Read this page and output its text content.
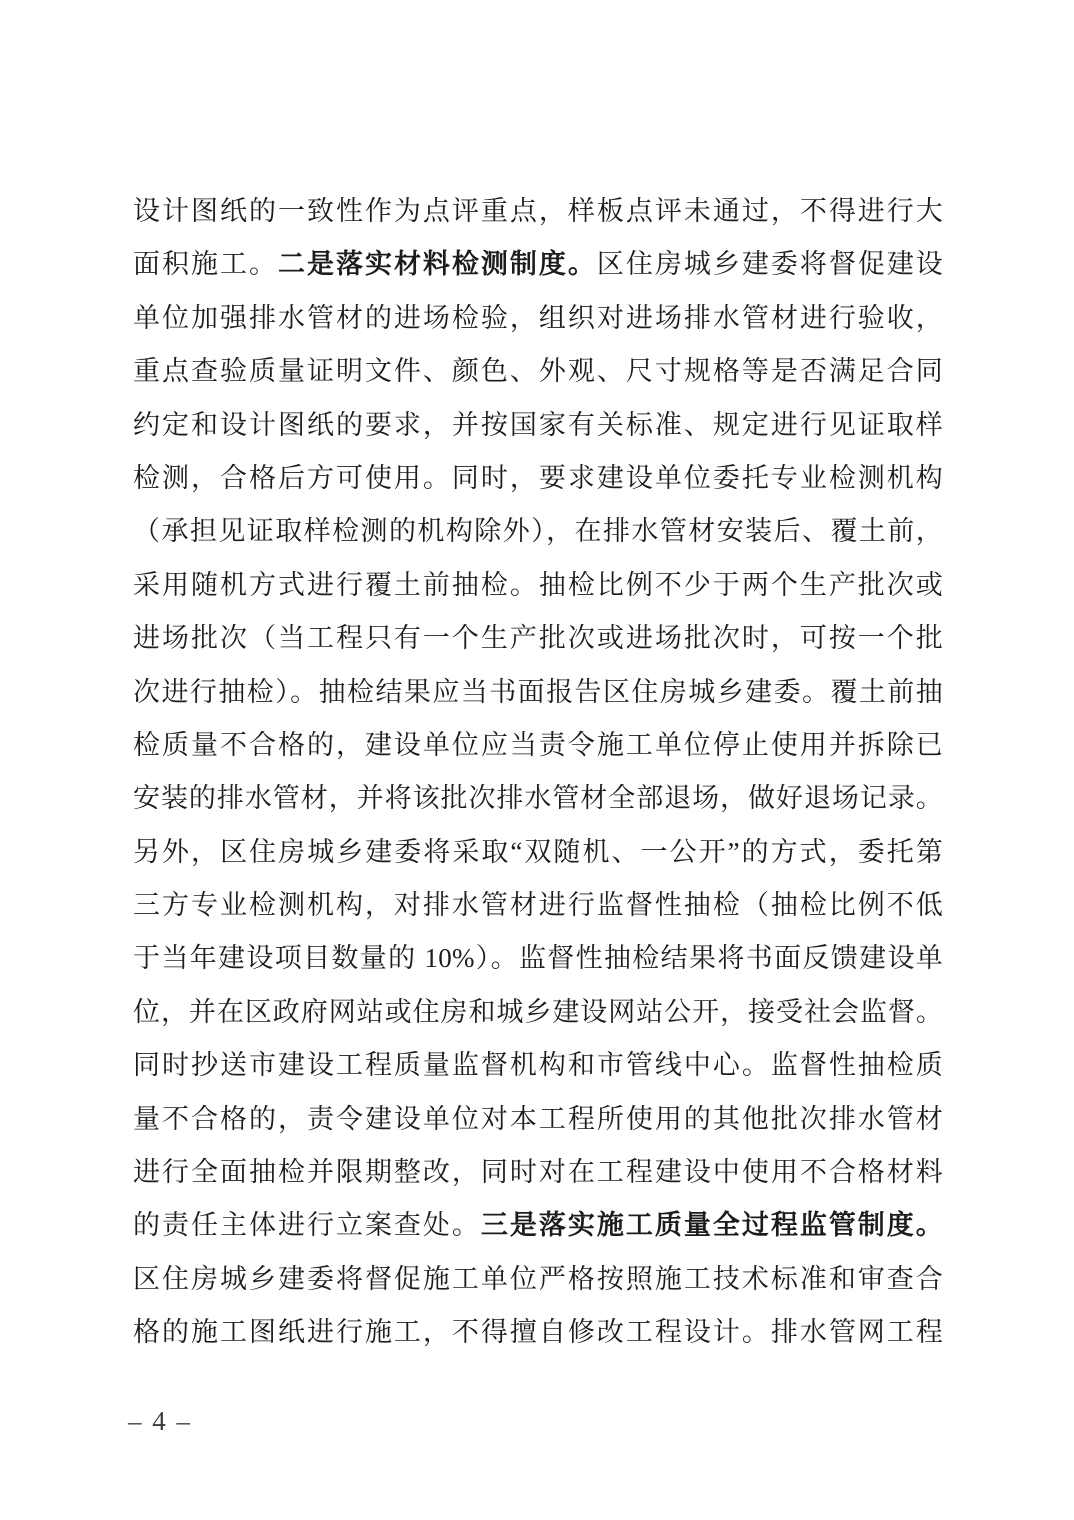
设计图纸的一致性作为点评重点，样板点评未通过，不得进行大
面积施工。二是落实材料检测制度。区住房城乡建委将督促建设
单位加强排水管材的进场检验，组织对进场排水管材进行验收，
重点查验质量证明文件、颜色、外观、尺寸规格等是否满足合同
约定和设计图纸的要求，并按国家有关标准、规定进行见证取样
检测，合格后方可使用。同时，要求建设单位委托专业检测机构
（承担见证取样检测的机构除外），在排水管材安装后、覆土前，
采用随机方式进行覆土前抽检。抽检比例不少于两个生产批次或
进场批次（当工程只有一个生产批次或进场批次时，可按一个批
次进行抽检）。抽检结果应当书面报告区住房城乡建委。覆土前抽
检质量不合格的，建设单位应当责令施工单位停止使用并拆除已
安装的排水管材，并将该批次排水管材全部退场，做好退场记录。
另外，区住房城乡建委将采取“双随机、一公开”的方式，委托第
三方专业检测机构，对排水管材进行监督性抽检（抽检比例不低
于当年建设项目数量的 10%）。监督性抽检结果将书面反馈建设单
位，并在区政府网站或住房和城乡建设网站公开，接受社会监督。
同时抄送市建设工程质量监督机构和市管线中心。监督性抽检质
量不合格的，责令建设单位对本工程所使用的其他批次排水管材
进行全面抽检并限期整改，同时对在工程建设中使用不合格材料
的责任主体进行立案查处。三是落实施工质量全过程监管制度。
区住房城乡建委将督促施工单位严格按照施工技术标准和审查合
格的施工图纸进行施工，不得擅自修改工程设计。排水管网工程
– 4 –
